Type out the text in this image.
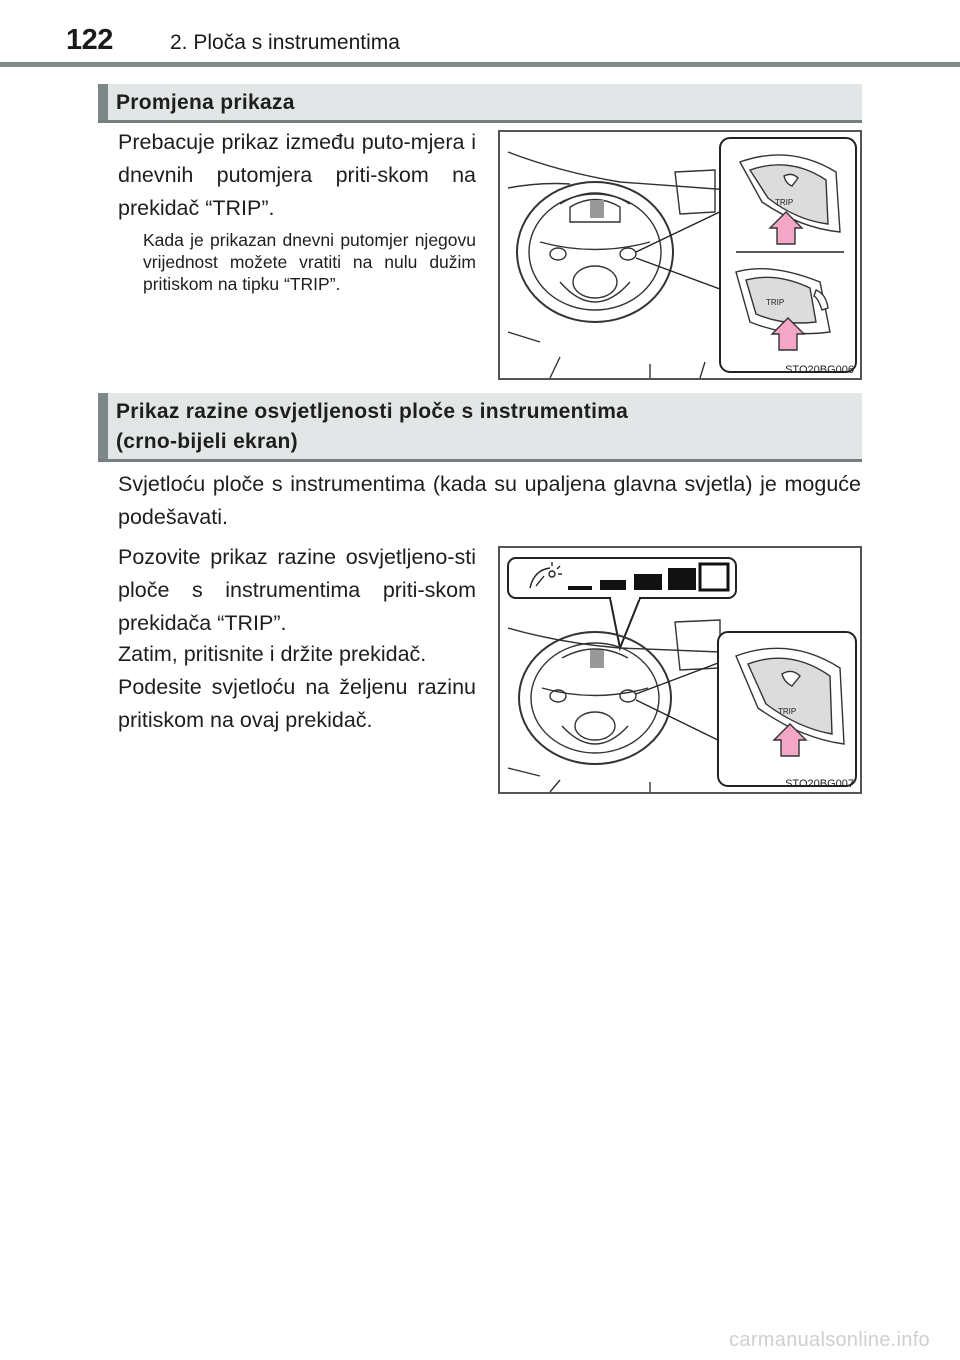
122	2. Ploča s instrumentima
Promjena prikaza
Prebacuje prikaz između puto-mjera i dnevnih putomjera priti-skom na prekidač “TRIP”.
Kada je prikazan dnevni putomjer njegovu vrijednost možete vratiti na nulu dužim pritiskom na tipku “TRIP”.
TRIP
TRIP
STO20BG006
Prikaz razine osvjetljenosti ploče s instrumentima
(crno-bijeli ekran)
Svjetloću ploče s instrumentima (kada su upaljena glavna svjetla) je moguće podešavati.
Pozovite prikaz razine osvjetljeno-sti ploče s instrumentima priti-skom prekidača “TRIP”.
Zatim, pritisnite i držite prekidač.
Podesite svjetloću na željenu razinu pritiskom na ovaj prekidač.	TRIP
STO20BG007
carmanualsonline.info
